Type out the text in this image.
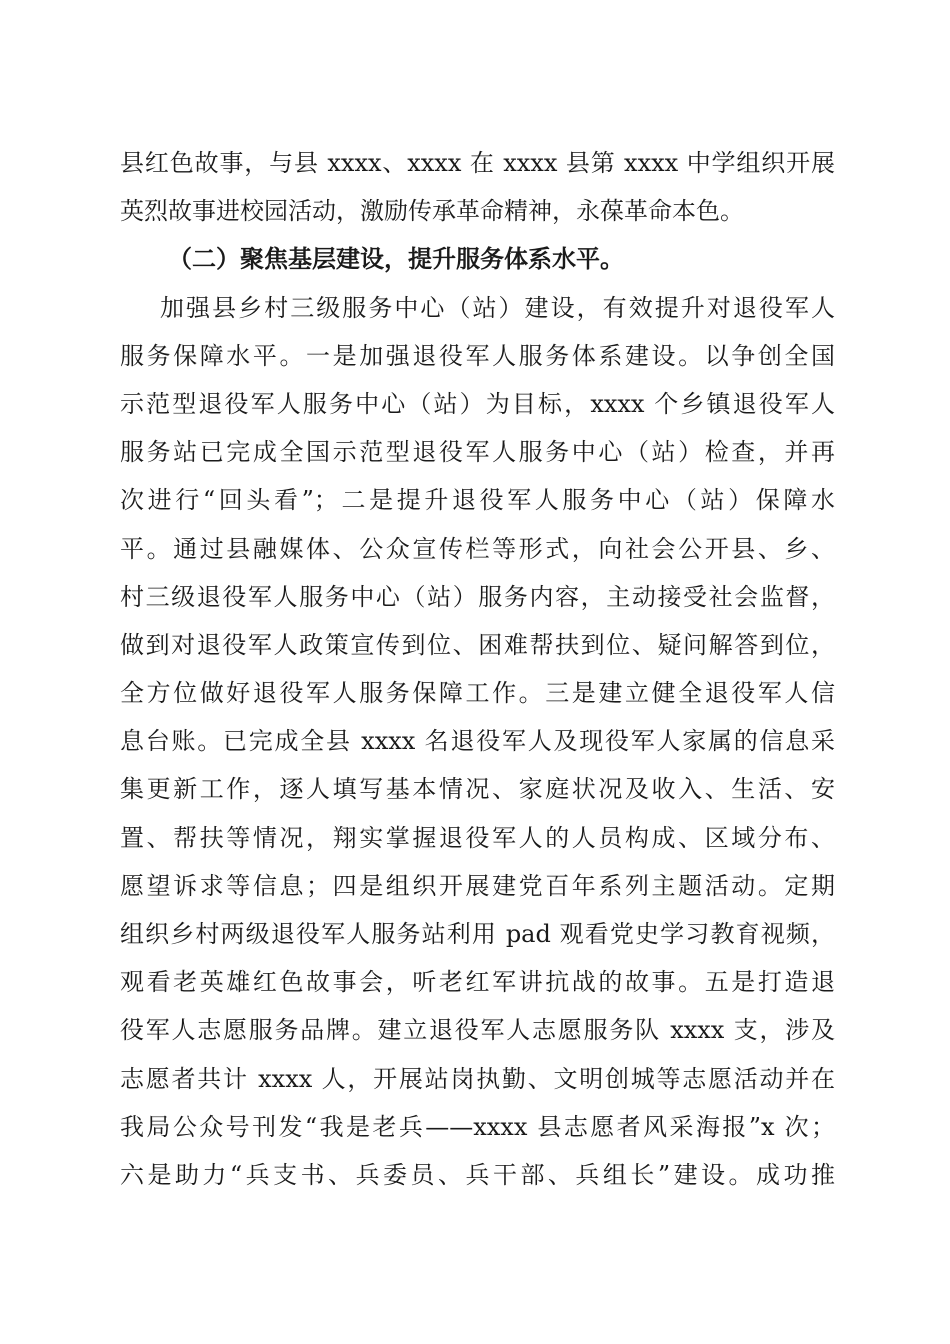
县红色故事，与县 xxxx、xxxx 在 xxxx 县第 xxxx 中学组织开展
英烈故事进校园活动，激励传承革命精神，永葆革命本色。
（二）聚焦基层建设，提升服务体系水平。
加强县乡村三级服务中心（站）建设，有效提升对退役军人
服务保障水平。一是加强退役军人服务体系建设。以争创全国
示范型退役军人服务中心（站）为目标，xxxx 个乡镇退役军人
服务站已完成全国示范型退役军人服务中心（站）检查，并再
次进行“回头看”；二是提升退役军人服务中心（站）保障水
平。通过县融媒体、公众宣传栏等形式，向社会公开县、乡、
村三级退役军人服务中心（站）服务内容，主动接受社会监督，
做到对退役军人政策宣传到位、困难帮扶到位、疑问解答到位，
全方位做好退役军人服务保障工作。三是建立健全退役军人信
息台账。已完成全县 xxxx 名退役军人及现役军人家属的信息采
集更新工作，逐人填写基本情况、家庭状况及收入、生活、安
置、帮扶等情况，翔实掌握退役军人的人员构成、区域分布、
愿望诉求等信息；四是组织开展建党百年系列主题活动。定期
组织乡村两级退役军人服务站利用 pad 观看党史学习教育视频，
观看老英雄红色故事会，听老红军讲抗战的故事。五是打造退
役军人志愿服务品牌。建立退役军人志愿服务队 xxxx 支，涉及
志愿者共计 xxxx 人，开展站岗执勤、文明创城等志愿活动并在
我局公众号刊发“我是老兵——xxxx 县志愿者风采海报”x 次；
六是助力“兵支书、兵委员、兵干部、兵组长”建设。成功推
